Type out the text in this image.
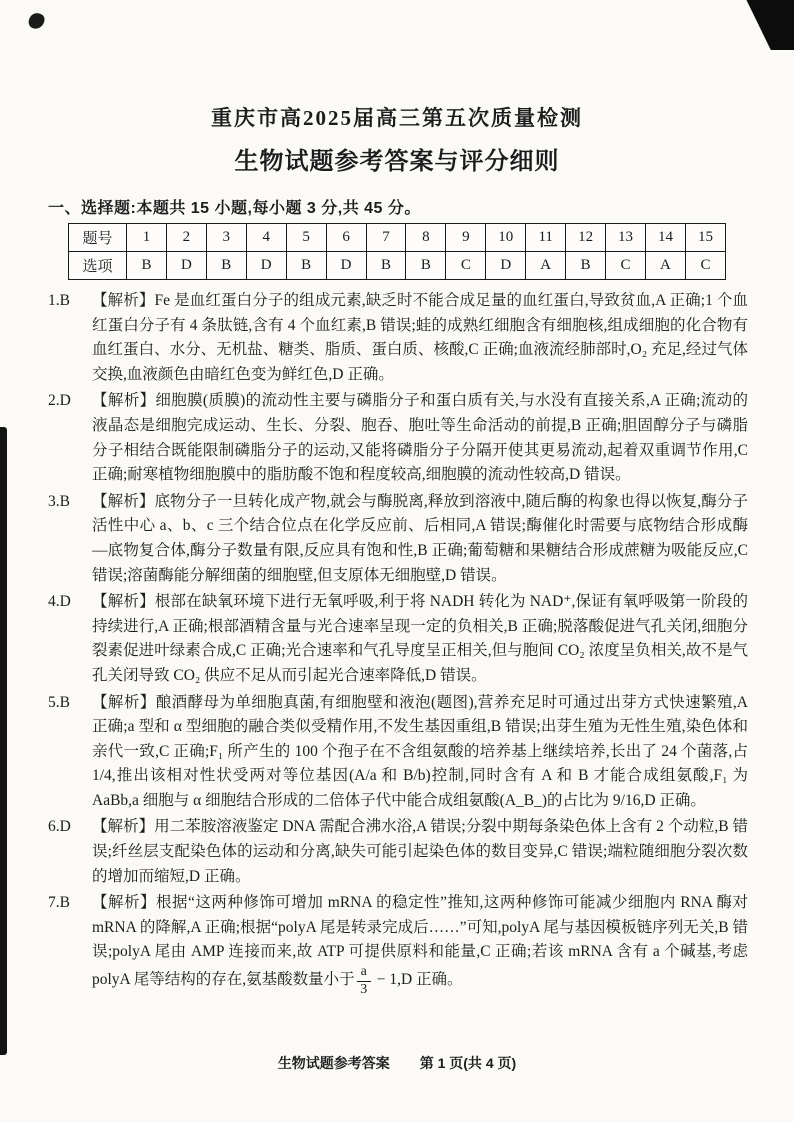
重庆市高2025届高三第五次质量检测
生物试题参考答案与评分细则
一、选择题:本题共 15 小题,每小题 3 分,共 45 分。
题号	1	2	3	4	5	6	7	8	9	10	11	12	13	14	15
选项	B	D	B	D	B	D	B	B	C	D	A	B	C	A	C
1.B 【解析】Fe 是血红蛋白分子的组成元素,缺乏时不能合成足量的血红蛋白,导致贫血,A 正确;1 个血红蛋白分子有 4 条肽链,含有 4 个血红素,B 错误;蛙的成熟红细胞含有细胞核,组成细胞的化合物有血红蛋白、水分、无机盐、糖类、脂质、蛋白质、核酸,C 正确;血液流经肺部时,O₂ 充足,经过气体交换,血液颜色由暗红色变为鲜红色,D 正确。
2.D 【解析】细胞膜(质膜)的流动性主要与磷脂分子和蛋白质有关,与水没有直接关系,A 正确;流动的液晶态是细胞完成运动、生长、分裂、胞吞、胞吐等生命活动的前提,B 正确;胆固醇分子与磷脂分子相结合既能限制磷脂分子的运动,又能将磷脂分子分隔开使其更易流动,起着双重调节作用,C 正确;耐寒植物细胞膜中的脂肪酸不饱和程度较高,细胞膜的流动性较高,D 错误。
3.B 【解析】底物分子一旦转化成产物,就会与酶脱离,释放到溶液中,随后酶的构象也得以恢复,酶分子活性中心 a、b、c 三个结合位点在化学反应前、后相同,A 错误;酶催化时需要与底物结合形成酶—底物复合体,酶分子数量有限,反应具有饱和性,B 正确;葡萄糖和果糖结合形成蔗糖为吸能反应,C 错误;溶菌酶能分解细菌的细胞壁,但支原体无细胞壁,D 错误。
4.D 【解析】根部在缺氧环境下进行无氧呼吸,利于将 NADH 转化为 NAD⁺,保证有氧呼吸第一阶段的持续进行,A 正确;根部酒精含量与光合速率呈现一定的负相关,B 正确;脱落酸促进气孔关闭,细胞分裂素促进叶绿素合成,C 正确;光合速率和气孔导度呈正相关,但与胞间 CO₂ 浓度呈负相关,故不是气孔关闭导致 CO₂ 供应不足从而引起光合速率降低,D 错误。
5.B 【解析】酿酒酵母为单细胞真菌,有细胞壁和液泡(题图),营养充足时可通过出芽方式快速繁殖,A 正确;a 型和 α 型细胞的融合类似受精作用,不发生基因重组,B 错误;出芽生殖为无性生殖,染色体和亲代一致,C 正确;F₁ 所产生的 100 个孢子在不含组氨酸的培养基上继续培养,长出了 24 个菌落,占 1/4,推出该相对性状受两对等位基因(A/a 和 B/b)控制,同时含有 A 和 B 才能合成组氨酸,F₁ 为 AaBb,a 细胞与 α 细胞结合形成的二倍体子代中能合成组氨酸(A_B_)的占比为 9/16,D 正确。
6.D 【解析】用二苯胺溶液鉴定 DNA 需配合沸水浴,A 错误;分裂中期每条染色体上含有 2 个动粒,B 错误;纤丝层支配染色体的运动和分离,缺失可能引起染色体的数目变异,C 错误;端粒随细胞分裂次数的增加而缩短,D 正确。
7.B 【解析】根据“这两种修饰可增加 mRNA 的稳定性”推知,这两种修饰可能减少细胞内 RNA 酶对 mRNA 的降解,A 正确;根据“polyA 尾是转录完成后……”可知,polyA 尾与基因模板链序列无关,B 错误;polyA 尾由 AMP 连接而来,故 ATP 可提供原料和能量,C 正确;若该 mRNA 含有 a 个碱基,考虑 polyA 尾等结构的存在,氨基酸数量小于 $\frac{a}{3} - 1,D$ 正确。
生物试题参考答案 第 1 页(共 4 页)
